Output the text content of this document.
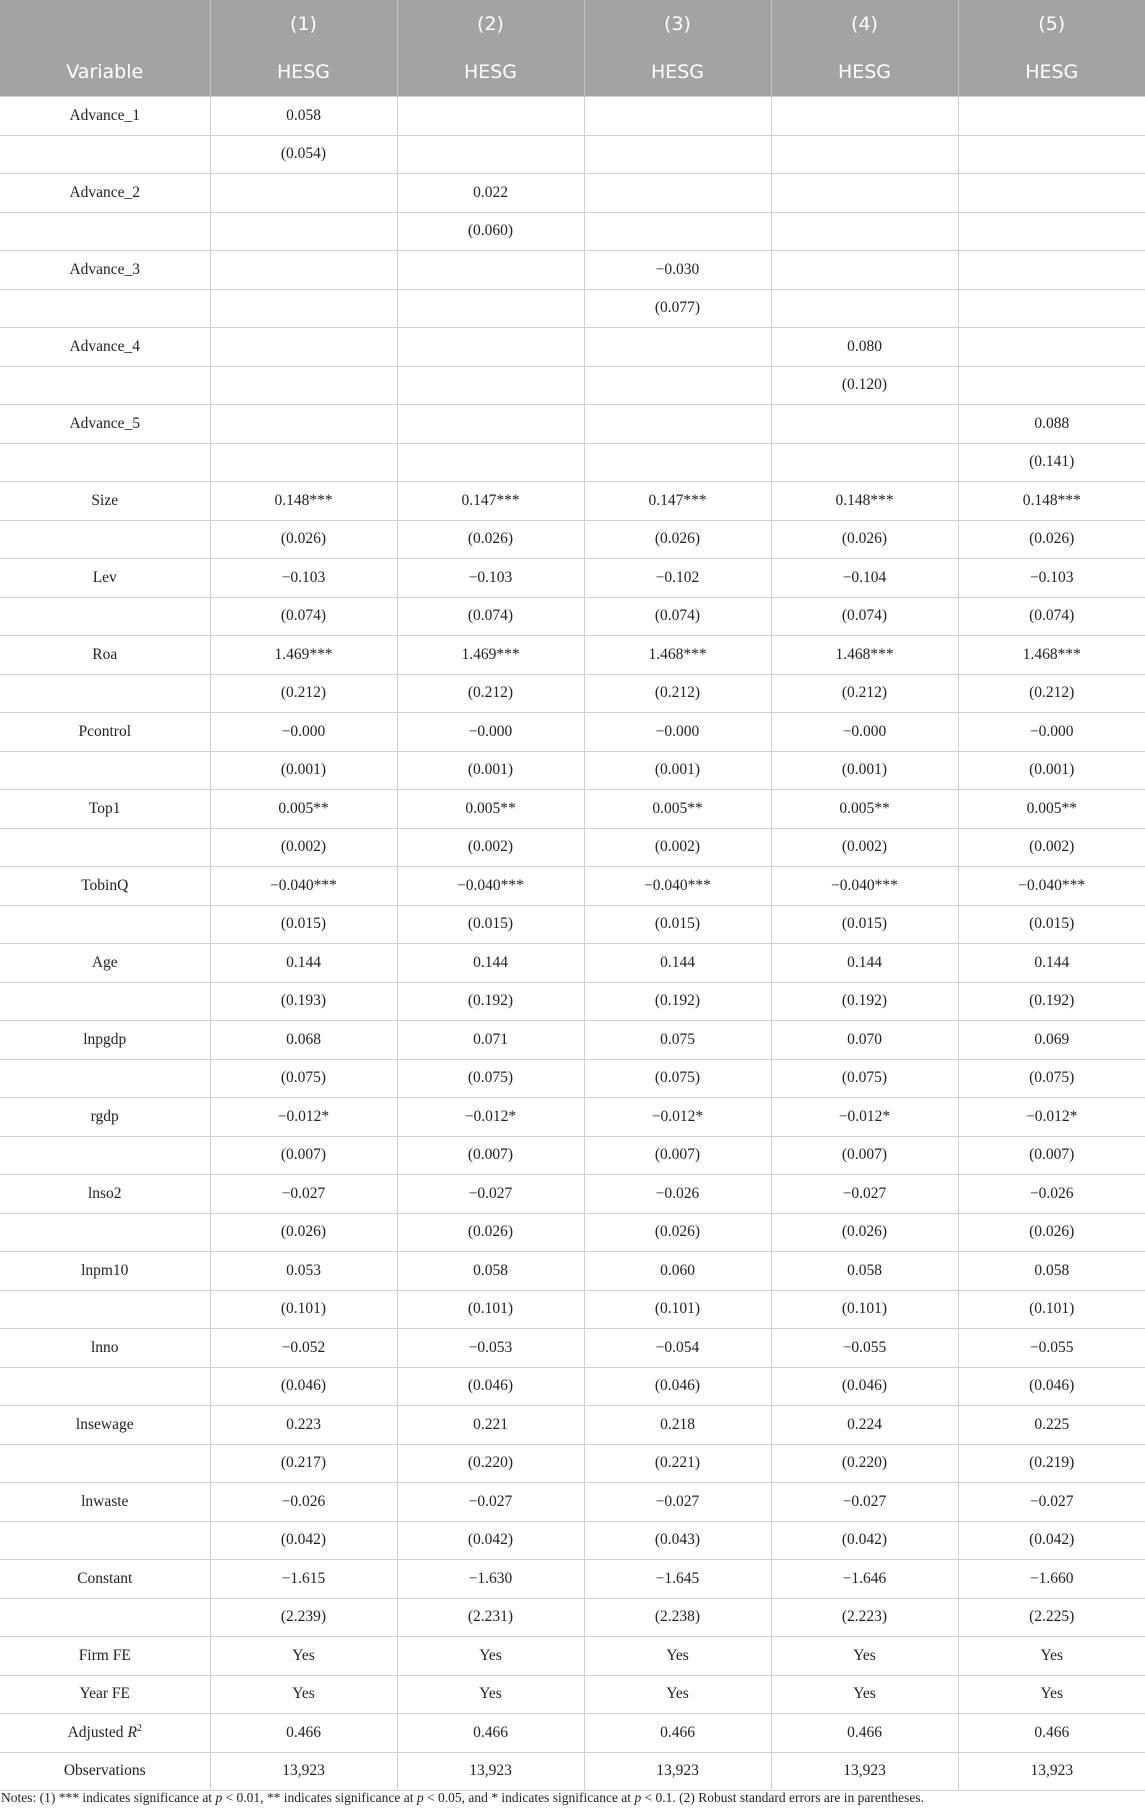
	(1)	(2)	(3)	(4)	(5)
Variable	HESG	HESG	HESG	HESG	HESG
Advance_1	0.058				
	(0.054)				
Advance_2		0.022			
		(0.060)			
Advance_3			−0.030		
			(0.077)		
Advance_4				0.080	
				(0.120)	
Advance_5					0.088
					(0.141)
Size	0.148***	0.147***	0.147***	0.148***	0.148***
	(0.026)	(0.026)	(0.026)	(0.026)	(0.026)
Lev	−0.103	−0.103	−0.102	−0.104	−0.103
	(0.074)	(0.074)	(0.074)	(0.074)	(0.074)
Roa	1.469***	1.469***	1.468***	1.468***	1.468***
	(0.212)	(0.212)	(0.212)	(0.212)	(0.212)
Pcontrol	−0.000	−0.000	−0.000	−0.000	−0.000
	(0.001)	(0.001)	(0.001)	(0.001)	(0.001)
Top1	0.005**	0.005**	0.005**	0.005**	0.005**
	(0.002)	(0.002)	(0.002)	(0.002)	(0.002)
TobinQ	−0.040***	−0.040***	−0.040***	−0.040***	−0.040***
	(0.015)	(0.015)	(0.015)	(0.015)	(0.015)
Age	0.144	0.144	0.144	0.144	0.144
	(0.193)	(0.192)	(0.192)	(0.192)	(0.192)
lnpgdp	0.068	0.071	0.075	0.070	0.069
	(0.075)	(0.075)	(0.075)	(0.075)	(0.075)
rgdp	−0.012*	−0.012*	−0.012*	−0.012*	−0.012*
	(0.007)	(0.007)	(0.007)	(0.007)	(0.007)
lnso2	−0.027	−0.027	−0.026	−0.027	−0.026
	(0.026)	(0.026)	(0.026)	(0.026)	(0.026)
lnpm10	0.053	0.058	0.060	0.058	0.058
	(0.101)	(0.101)	(0.101)	(0.101)	(0.101)
lnno	−0.052	−0.053	−0.054	−0.055	−0.055
	(0.046)	(0.046)	(0.046)	(0.046)	(0.046)
lnsewage	0.223	0.221	0.218	0.224	0.225
	(0.217)	(0.220)	(0.221)	(0.220)	(0.219)
lnwaste	−0.026	−0.027	−0.027	−0.027	−0.027
	(0.042)	(0.042)	(0.043)	(0.042)	(0.042)
Constant	−1.615	−1.630	−1.645	−1.646	−1.660
	(2.239)	(2.231)	(2.238)	(2.223)	(2.225)
Firm FE	Yes	Yes	Yes	Yes	Yes
Year FE	Yes	Yes	Yes	Yes	Yes
Adjusted $R^2$	0.466	0.466	0.466	0.466	0.466
Observations	13,923	13,923	13,923	13,923	13,923
Notes: (1) *** indicates significance at p < 0.01, ** indicates significance at p < 0.05, and * indicates significance at p < 0.1. (2) Robust standard errors are in parentheses.
